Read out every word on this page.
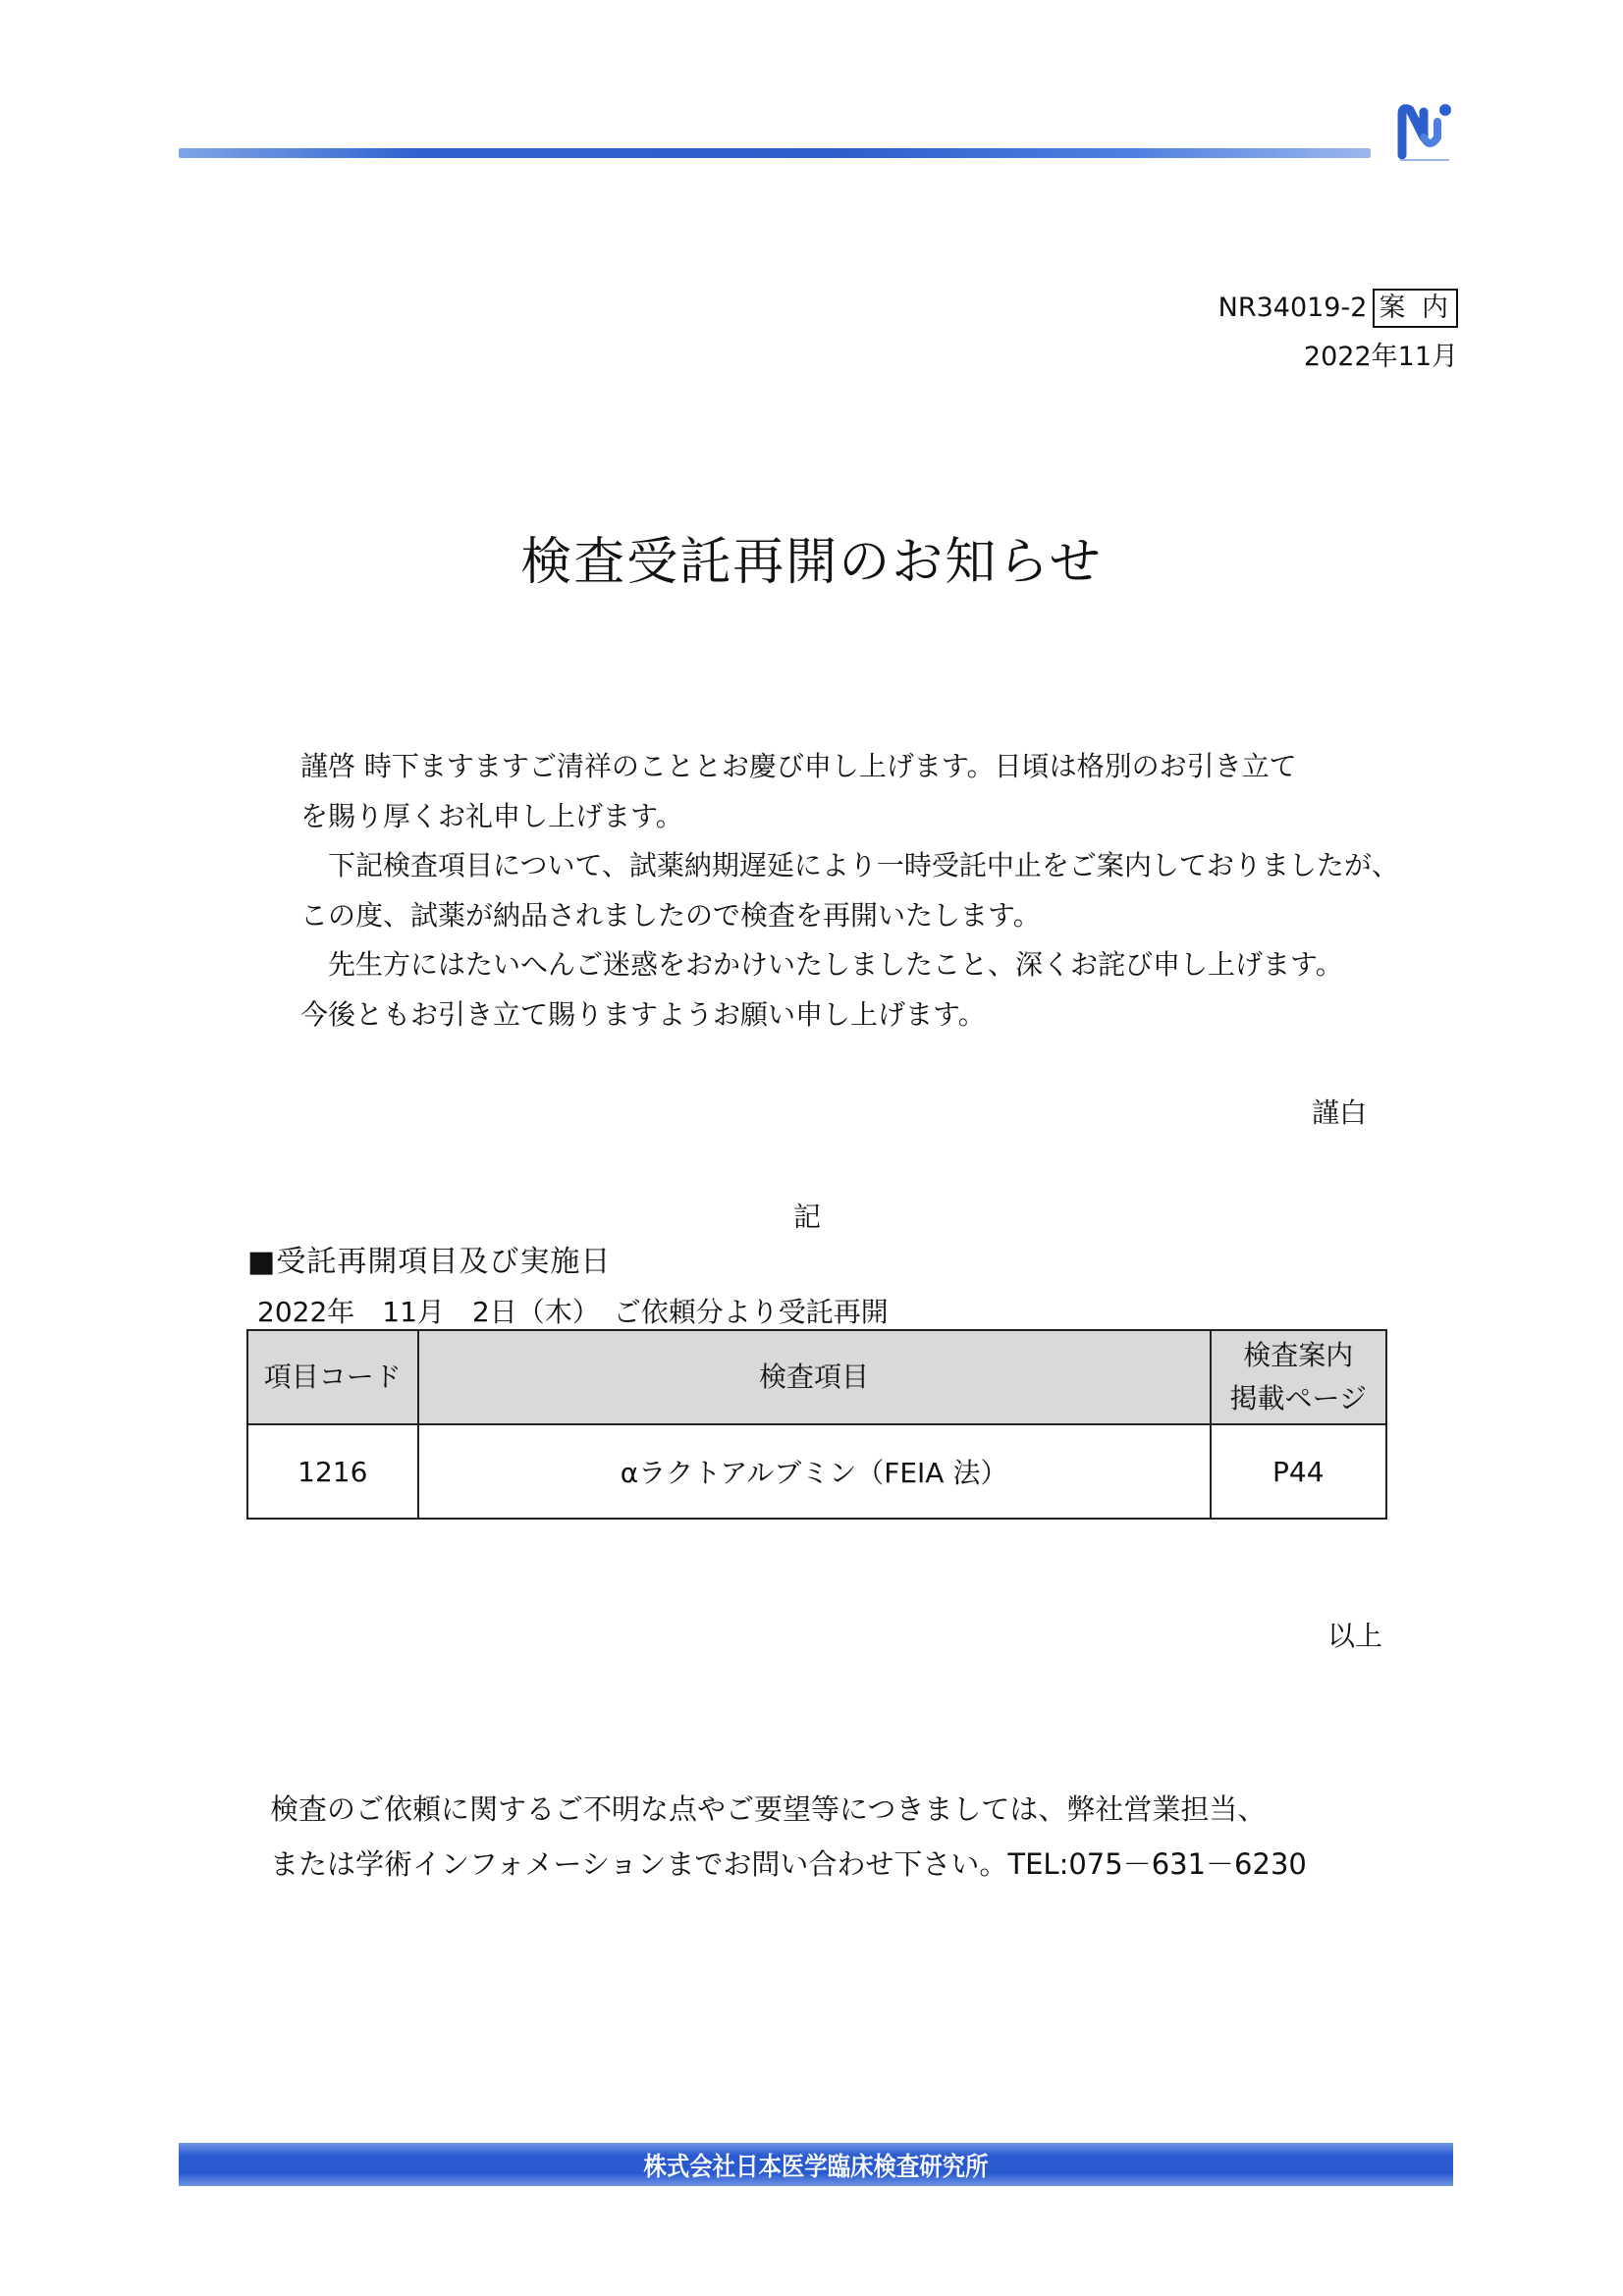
NR34019-2 案 内
2022年11月
検査受託再開のお知らせ

謹啓 時下ますますご清祥のこととお慶び申し上げます。日頃は格別のお引き立て

を賜り厚くお礼申し上げます。

　下記検査項目について、試薬納期遅延により一時受託中止をご案内しておりましたが、

この度、試薬が納品されましたので検査を再開いたします。

　先生方にはたいへんご迷惑をおかけいたしましたこと、深くお詫び申し上げます。

今後ともお引き立て賜りますようお願い申し上げます。

謹白
記
■受託再開項目及び実施日
2022年　11月　2日（木）　ご依頼分より受託再開
項目コード	検査項目	検査案内
掲載ページ

1216	αラクトアルブミン（FEIA 法）	P44
以上

検査のご依頼に関するご不明な点やご要望等につきましては、弊社営業担当、

または学術インフォメーションまでお問い合わせ下さい。TEL:075－631－6230

株式会社日本医学臨床検査研究所
